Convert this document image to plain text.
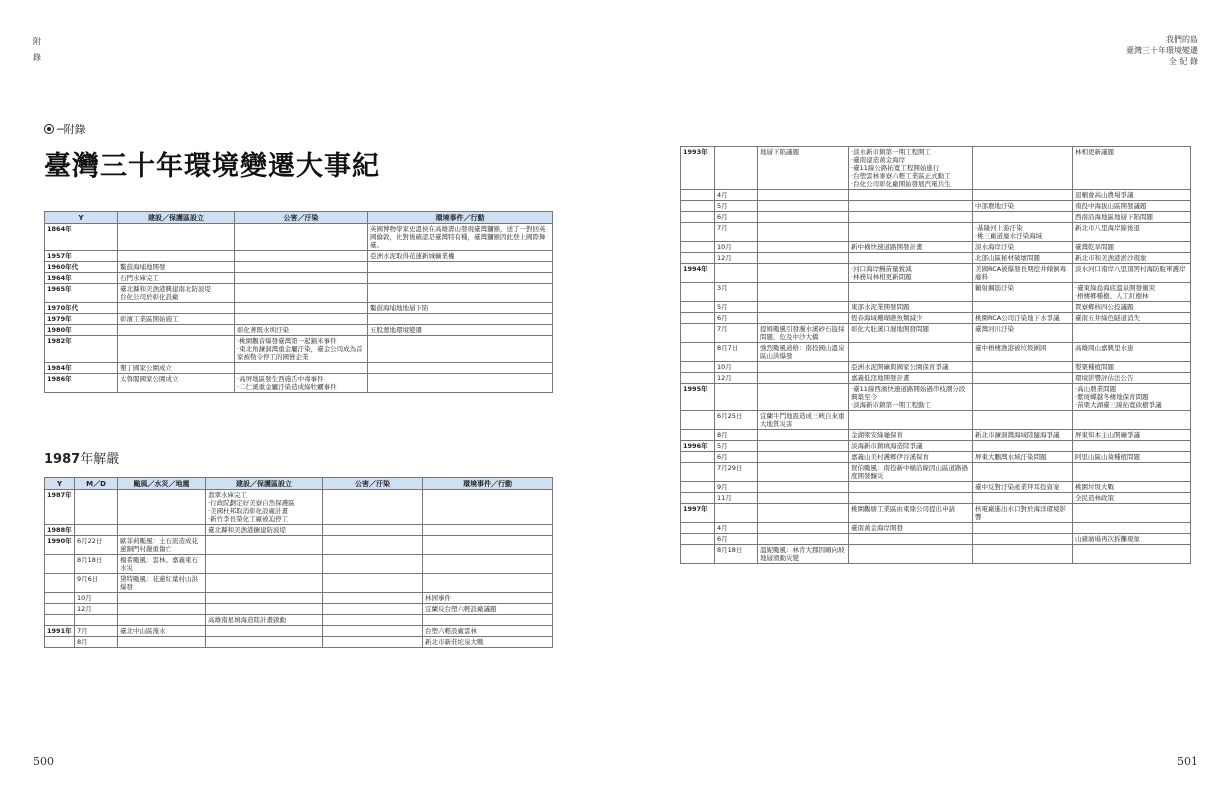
附
錄
我們的島
臺灣三十年環境變遷
全 紀 錄
─附錄
臺灣三十年環境變遷大事紀
Y	建設／保護區設立	公害／汙染	環境事件／行動
1864年			英國博物學家史溫侯在高雄壽山發現臺灣獼猴，送了一對回英國倫敦，比對後確認是臺灣特有種，臺灣獼猴因此登上國際舞臺。
1957年			亞洲水泥取得花蓮新城礦業權
1960年代	鰲鼓海埔地開發		
1964年	石門水庫完工		
1965年	臺北縣和美漁港興建南北防波堤
台化公司於彰化設廠		
1970年代			鰲鼓海埔地地層下陷
1979年	彰濱工業區開始施工		
1980年		彰化著既水圳汙染	五股溼地環境變遷
1982年		‧桃園觀音爆發臺灣第一起鎘米事件
‧東北角濂洞灣重金屬汙染，臺金公司成為首家被勒令停工的國營企業	
1984年	墾丁國家公園成立		
1986年	太魯閣國家公園成立	‧高屏地區發生西施舌中毒事件
‧二仁溪重金屬汙染造成綠牡蠣事件	
1987年解嚴
Y	M／D	颱風／水災／地震	建設／保護區設立	公害／汙染	環境事件／行動
1987年			翡翠水庫完工
‧行政院劃定好美寮自然保護區
‧美國杜邦取消彰化設廠計畫
‧新竹李長榮化工廠被迫停工		
1988年			臺北縣和美漁港擴建防波堤		
1990年	6月22日	歐菲莉颱風：土石流造成花蓮銅門村嚴重傷亡			
	8月18日	楊希颱風：雲林、嘉義東石水災			
	9月6日	黛特颱風：花蓮紅葉村山洪爆發			
	10月				林园事件
	12月				宜蘭反台塑六輕設廠議題
			高雄南星填海造陸計畫啟動		
1991年	7月	臺北中山區淹水			台塑六輕設廠雲林
	8月				新北市新莊坨泉大戰
1993年		地層下陷議題	‧淡水新市鎮第一期工程開工
‧臺南建造黃金海岸
‧臺11線公路拓寬工程開始進行
‧台塑雲林麥寮六輕工業區正式動工
‧台化公司彰化廠開始發展汽電共生		林相更新議題
	4月				退輔會高山農場爭議
	5月			中部農地汙染	南投中海拔山區開發議題
	6月				西南沿海地區地層下陷問題
	7月			‧基隆河上游汙染
‧桃三廠道廢水汙染海域	新北市八里海岸線後退
	10月		新中橫快速道路開發計畫	淡水海岸汙染	臺灣乾旱問題
	12月			北部山區秘材破壞問題	新北市和美漁港淤沙現象
1994年			‧河口海岸鰻苗量銳減
‧林務局林相更新問題	美國RCA被爆發長期挖井傾倒毒廢料	淡水河口南岸八里頂罟村海防駐軍護岸
	3月			鶴射鋼筋汙染	‧臺東綠島海底溫泉開發衝突
‧梧棲鄉種樹、人工紅樹林
	5月		東部水泥業開發問題		賈寮鄉核四公投議題
	6月		恆春海域珊瑚礁魚類減少	桃園RCA公司汙染地下水爭議	臺南五井綠色隧道消失
	7月	提姆颱風引發濁水溪砂石盜採問題，危及中沙大橋	彰化大肚溪口濕地開發問題	臺灣河川汙染	
	8月7日	強烈颱風道格：南投國山溫泉區山洪爆發		臺中梧棲漁港被垃圾圍困	高雄岡山嘉興里水患
	10月		亞洲水泥開礦與國家公園保育爭議		嬰粟種植問題
	12月		嘉義低窪地開發計畫		環境影響評估法公告
1995年			‧臺11線西濱快速道路開始過串枝潮分段興築至今
‧淡海新市鎮第一期工程動工		‧高山農業問題
‧紫斑蝶越冬棲地保育問題
‧苗栗大湖臺三線拓寬砍樹爭議
	6月25日	宜蘭牛鬥地震造成三峽自來重大地質災害			
	8月		金湖梁安綠龜保育	新北市濂洞灣海域陸隨海爭議	屏東知本主山開礦爭議
1996年	5月		淡海新市鎮填海造陸爭議		
	6月		嘉義山美村護鄉伊谷溪保育	屏東大鵬灣水域汙染問題	阿里山區山葵種植問題
	7月29日		賀伯颱風：南投新中橫沿線因山區道路過度開發釀災		
	9月			臺中反對汙染產業拜耳投資案	桃園垃圾大戰
	11月				全民造林政策
1997年			桃園觀塘工業區由東鼎公司提出申請	核電廠進出水口對於海洋環境影響	
	4月		臺南黃金海岸開發		
	6月				山豬廣場再次拆攤現象
	8月18日	溫妮颱風：林肯大郡因順向坡地層滑動災變			
500	501
